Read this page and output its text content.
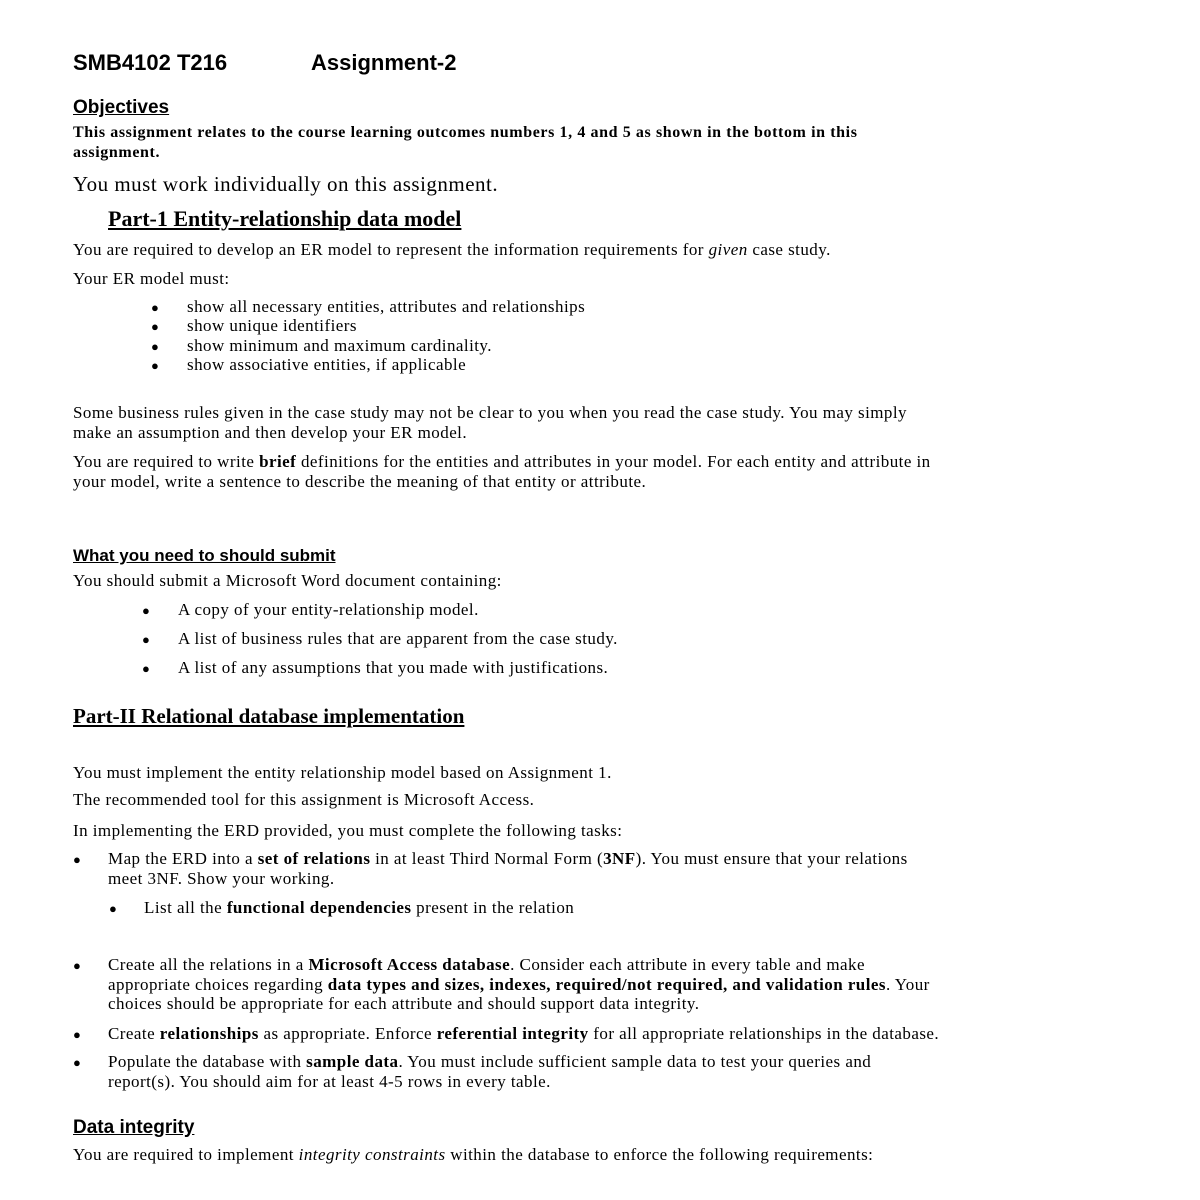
SMB4102 T216	Assignment-2

Objectives

This assignment relates to the course learning outcomes numbers 1, 4 and 5 as shown in the bottom in this

assignment.

You must work individually on this assignment.

Part-1 Entity-relationship data model

You are required to develop an ER model to represent the information requirements for given case study.

Your ER model must:

● show all necessary entities, attributes and relationships

● show unique identifiers

● show minimum and maximum cardinality.

● show associative entities, if applicable

Some business rules given in the case study may not be clear to you when you read the case study. You may simply

make an assumption and then develop your ER model.

You are required to write brief definitions for the entities and attributes in your model. For each entity and attribute in

your model, write a sentence to describe the meaning of that entity or attribute.

What you need to should submit

You should submit a Microsoft Word document containing:

● A copy of your entity-relationship model.

● A list of business rules that are apparent from the case study.

● A list of any assumptions that you made with justifications.

Part-II Relational database implementation

You must implement the entity relationship model based on Assignment 1.

The recommended tool for this assignment is Microsoft Access.

In implementing the ERD provided, you must complete the following tasks:

● Map the ERD into a set of relations in at least Third Normal Form (3NF). You must ensure that your relations

meet 3NF. Show your working.

● List all the functional dependencies present in the relation

● Create all the relations in a Microsoft Access database. Consider each attribute in every table and make

appropriate choices regarding data types and sizes, indexes, required/not required, and validation rules. Your

choices should be appropriate for each attribute and should support data integrity.

● Create relationships as appropriate. Enforce referential integrity for all appropriate relationships in the database.

● Populate the database with sample data. You must include sufficient sample data to test your queries and

report(s). You should aim for at least 4-5 rows in every table.

Data integrity

You are required to implement integrity constraints within the database to enforce the following requirements:
